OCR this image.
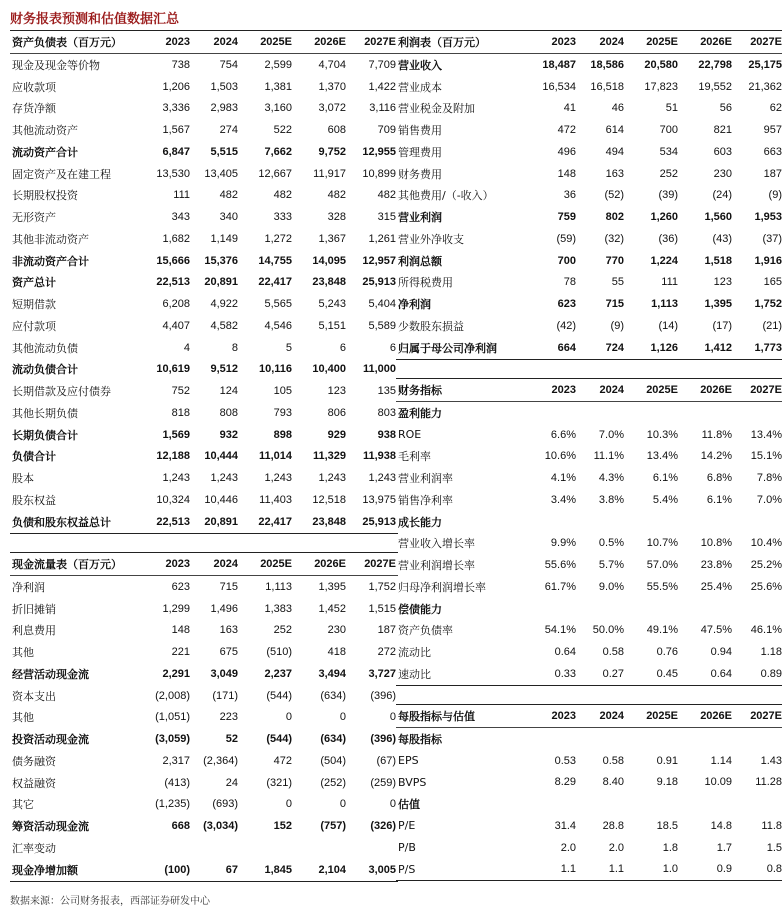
财务报表预测和估值数据汇总
资产负债表（百万元）	2023	2024	2025E	2026E	2027E
现金及现金等价物	738	754	2,599	4,704	7,709
应收款项	1,206	1,503	1,381	1,370	1,422
存货净额	3,336	2,983	3,160	3,072	3,116
其他流动资产	1,567	274	522	608	709
流动资产合计	6,847	5,515	7,662	9,752	12,955
固定资产及在建工程	13,530	13,405	12,667	11,917	10,899
长期股权投资	111	482	482	482	482
无形资产	343	340	333	328	315
其他非流动资产	1,682	1,149	1,272	1,367	1,261
非流动资产合计	15,666	15,376	14,755	14,095	12,957
资产总计	22,513	20,891	22,417	23,848	25,913
短期借款	6,208	4,922	5,565	5,243	5,404
应付款项	4,407	4,582	4,546	5,151	5,589
其他流动负债	4	8	5	6	6
流动负债合计	10,619	9,512	10,116	10,400	11,000
长期借款及应付债券	752	124	105	123	135
其他长期负债	818	808	793	806	803
长期负债合计	1,569	932	898	929	938
负债合计	12,188	10,444	11,014	11,329	11,938
股本	1,243	1,243	1,243	1,243	1,243
股东权益	10,324	10,446	11,403	12,518	13,975
负债和股东权益总计	22,513	20,891	22,417	23,848	25,913
利润表（百万元）	2023	2024	2025E	2026E	2027E
营业收入	18,487	18,586	20,580	22,798	25,175
营业成本	16,534	16,518	17,823	19,552	21,362
营业税金及附加	41	46	51	56	62
销售费用	472	614	700	821	957
管理费用	496	494	534	603	663
财务费用	148	163	252	230	187
其他费用/（-收入）	36	(52)	(39)	(24)	(9)
营业利润	759	802	1,260	1,560	1,953
营业外净收支	(59)	(32)	(36)	(43)	(37)
利润总额	700	770	1,224	1,518	1,916
所得税费用	78	55	111	123	165
净利润	623	715	1,113	1,395	1,752
少数股东损益	(42)	(9)	(14)	(17)	(21)
归属于母公司净利润	664	724	1,126	1,412	1,773
财务指标	2023	2024	2025E	2026E	2027E
盈利能力					
ROE	6.6%	7.0%	10.3%	11.8%	13.4%
毛利率	10.6%	11.1%	13.4%	14.2%	15.1%
营业利润率	4.1%	4.3%	6.1%	6.8%	7.8%
销售净利率	3.4%	3.8%	5.4%	6.1%	7.0%
成长能力					
营业收入增长率	9.9%	0.5%	10.7%	10.8%	10.4%
营业利润增长率	55.6%	5.7%	57.0%	23.8%	25.2%
归母净利润增长率	61.7%	9.0%	55.5%	25.4%	25.6%
偿债能力					
资产负债率	54.1%	50.0%	49.1%	47.5%	46.1%
流动比	0.64	0.58	0.76	0.94	1.18
速动比	0.33	0.27	0.45	0.64	0.89
现金流量表（百万元）	2023	2024	2025E	2026E	2027E
净利润	623	715	1,113	1,395	1,752
折旧摊销	1,299	1,496	1,383	1,452	1,515
利息费用	148	163	252	230	187
其他	221	675	(510)	418	272
经营活动现金流	2,291	3,049	2,237	3,494	3,727
资本支出	(2,008)	(171)	(544)	(634)	(396)
其他	(1,051)	223	0	0	0
投资活动现金流	(3,059)	52	(544)	(634)	(396)
债务融资	2,317	(2,364)	472	(504)	(67)
权益融资	(413)	24	(321)	(252)	(259)
其它	(1,235)	(693)	0	0	0
筹资活动现金流	668	(3,034)	152	(757)	(326)
汇率变动					
现金净增加额	(100)	67	1,845	2,104	3,005
每股指标与估值	2023	2024	2025E	2026E	2027E
每股指标					
EPS	0.53	0.58	0.91	1.14	1.43
BVPS	8.29	8.40	9.18	10.09	11.28
估值					
P/E	31.4	28.8	18.5	14.8	11.8
P/B	2.0	2.0	1.8	1.7	1.5
P/S	1.1	1.1	1.0	0.9	0.8
数据来源：公司财务报表，西部证券研发中心
